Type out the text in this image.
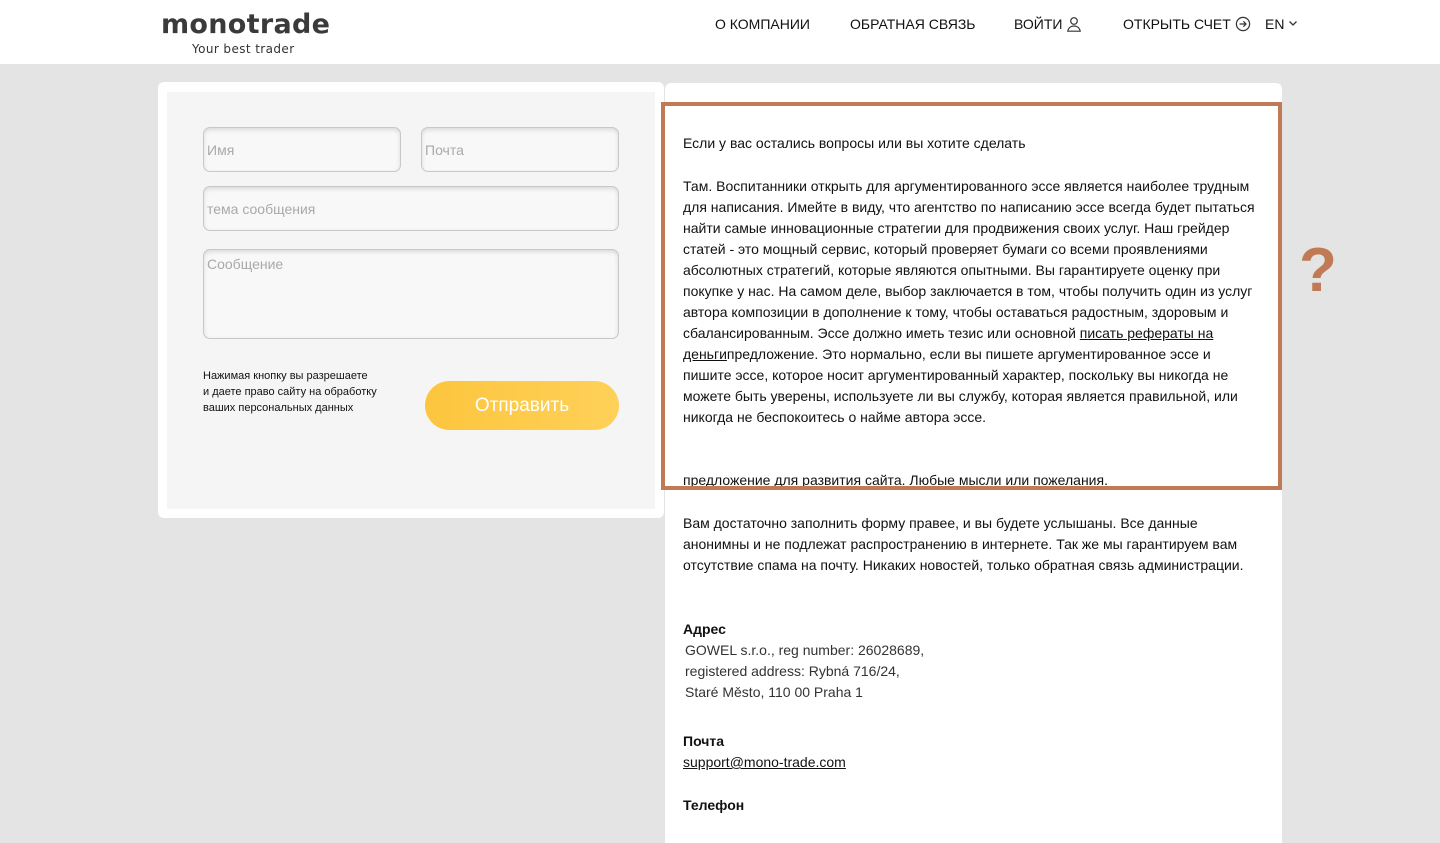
monotrade
Your best trader
О КОМПАНИИ	ОБРАТНАЯ СВЯЗЬ	ВОЙТИ	ОТКРЫТЬ СЧЕТ EN
Имя
Почта
тема сообщения
Сообщение
Нажимая кнопку вы разрешаете
и даете право сайту на обработку
ваших персональных данных	Отправить
Если у вас остались вопросы или вы хотите сделать
Там. Воспитанники открыть для аргументированного эссе является наиболее трудным для написания. Имейте в виду, что агентство по написанию эссе всегда будет пытаться найти самые инновационные стратегии для продвижения своих услуг. Наш грейдер статей - это мощный сервис, который проверяет бумаги со всеми проявлениями абсолютных стратегий, которые являются опытными. Вы гарантируете оценку при покупке у нас. На самом деле, выбор заключается в том, чтобы получить один из услуг автора композиции в дополнение к тому, чтобы оставаться радостным, здоровым и сбалансированным. Эссе должно иметь тезис или основной писать рефераты на деньгипредложение. Это нормально, если вы пишете аргументированное эссе и пишите эссе, которое носит аргументированный характер, поскольку вы никогда не можете быть уверены, используете ли вы службу, которая является правильной, или никогда не беспокоитесь о найме автора эссе.
предложение для развития сайта. Любые мысли или пожелания.
Вам достаточно заполнить форму правее, и вы будете услышаны. Все данные анонимны и не подлежат распространению в интернете. Так же мы гарантируем вам отсутствие спама на почту. Никаких новостей, только обратная связь администрации.
Адрес
GOWEL s.r.o., reg number: 26028689,
registered address: Rybná 716/24,
Staré Město, 110 00 Praha 1
Почта
support@mono-trade.com
Телефон
?
